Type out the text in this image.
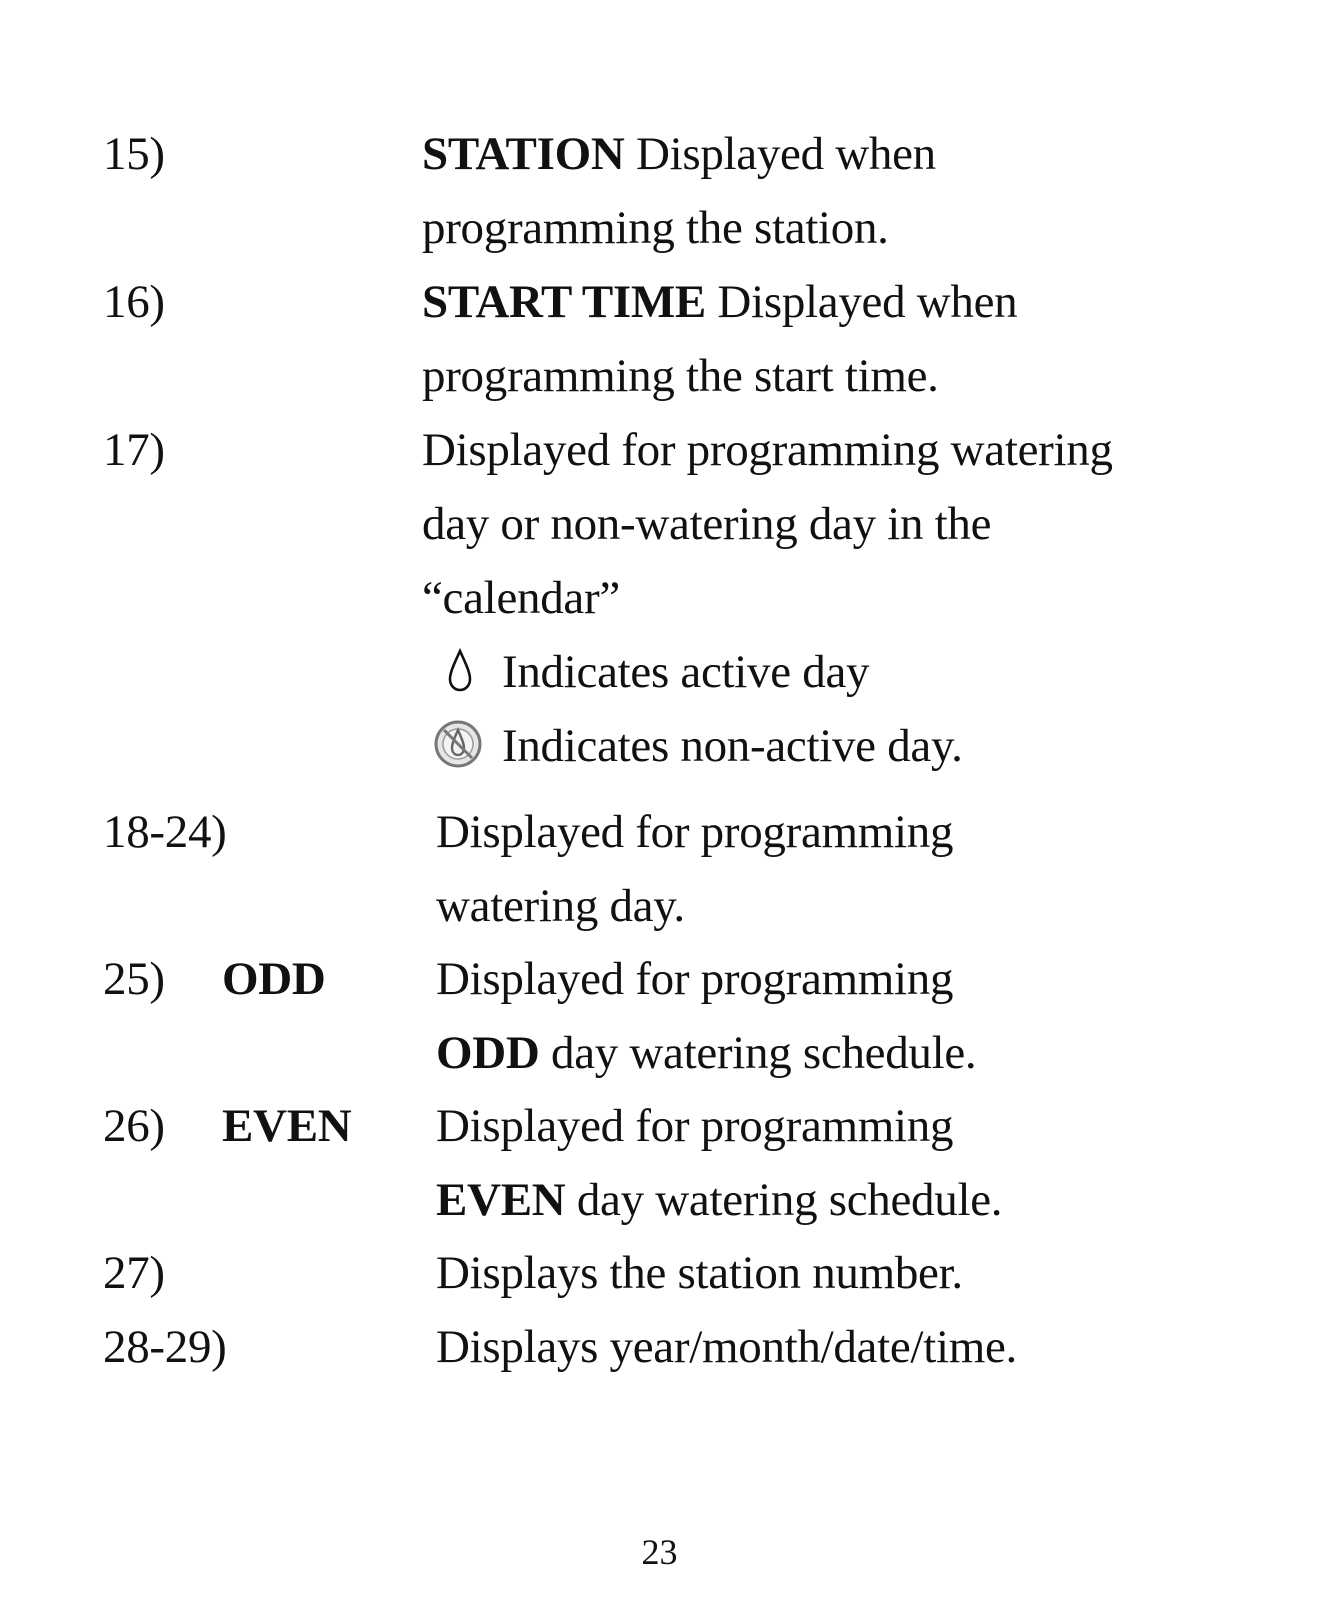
15)	STATION Displayed when
programming the station.
16)	START TIME Displayed when
programming the start time.
17)	Displayed for programming watering
day or non-watering day in the
“calendar”
Indicates active day
Indicates non-active day.
18-24)	Displayed for programming
watering day.
25) ODD Displayed for programming
ODD day watering schedule.
26) EVEN Displayed for programming
EVEN day watering schedule.
27)	Displays the station number.
28-29)	Displays year/month/date/time.
23
